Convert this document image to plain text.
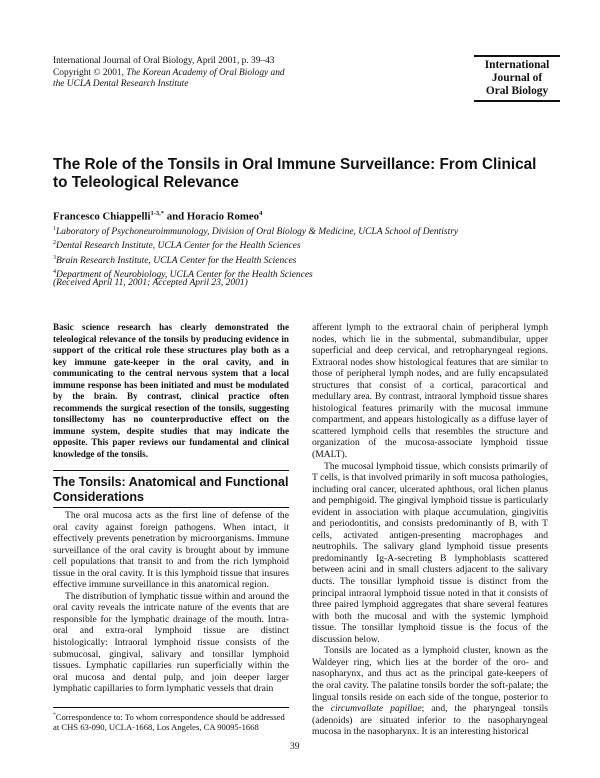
International Journal of Oral Biology, April 2001, p. 39–43
Copyright © 2001, The Korean Academy of Oral Biology and
the UCLA Dental Research Institute
International
Journal of
Oral Biology
The Role of the Tonsils in Oral Immune Surveillance: From Clinical to Teleological Relevance
Francesco Chiappelli$^{1-3,*}$ and Horacio Romeo$^4$
$^1$Laboratory of Psychoneuroimmunology, Division of Oral Biology & Medicine, UCLA School of Dentistry
$^2$Dental Research Institute, UCLA Center for the Health Sciences
$^3$Brain Research Institute, UCLA Center for the Health Sciences
$^4$Department of Neurobiology, UCLA Center for the Health Sciences
(Received April 11, 2001; Accepted April 23, 2001)
Basic science research has clearly demonstrated the teleological relevance of the tonsils by producing evidence in support of the critical role these structures play both as a key immune gate-keeper in the oral cavity, and in communicating to the central nervous system that a local immune response has been initiated and must be modulated by the brain. By contrast, clinical practice often recommends the surgical resection of the tonsils, suggesting tonsillectomy has no counterproductive effect on the immune system, despite studies that may indicate the opposite. This paper reviews our fundamental and clinical knowledge of the tonsils.
The Tonsils: Anatomical and Functional Considerations

The oral mucosa acts as the first line of defense of the oral cavity against foreign pathogens. When intact, it effectively prevents penetration by microorganisms. Immune surveillance of the oral cavity is brought about by immune cell populations that transit to and from the rich lymphoid tissue in the oral cavity. It is this lymphoid tissue that insures effective immune surveillance in this anatomical region.

The distribution of lymphatic tissue within and around the oral cavity reveals the intricate nature of the events that are responsible for the lymphatic drainage of the mouth. Intra-oral and extra-oral lymphoid tissue are distinct histologically: Intraoral lymphoid tissue consists of the submucosal, gingival, salivary and tonsillar lymphoid tissues. Lymphatic capillaries run superficially within the oral mucosa and dental pulp, and join deeper larger lymphatic capillaries to form lymphatic vessels that drain

afferent lymph to the extraoral chain of peripheral lymph nodes, which lie in the submental, submandibular, upper superficial and deep cervical, and retropharyngeal regions. Extraoral nodes show histological features that are similar to those of peripheral lymph nodes, and are fully encapsulated structures that consist of a cortical, paracortical and medullary area. By contrast, intraoral lymphoid tissue shares histological features primarily with the mucosal immune compartment, and appears histologically as a diffuse layer of scattered lymphoid cells that resembles the structure and organization of the mucosa-associate lymphoid tissue (MALT).

The mucosal lymphoid tissue, which consists primarily of T cells, is that involved primarily in soft mucosa pathologies, including oral cancer, ulcerated aphthous, oral lichen planus and pemphigoid. The gingival lymphoid tissue is particularly evident in association with plaque accumulation, gingivitis and periodontitis, and consists predominantly of B, with T cells, activated antigen-presenting macrophages and neutrophils. The salivary gland lymphoid tissue presents predominantly Ig-A-secreting B lymphoblasts scattered between acini and in small clusters adjacent to the salivary ducts. The tonsillar lymphoid tissue is distinct from the principal intraoral lymphoid tissue noted in that it consists of three paired lymphoid aggregates that share several features with both the mucosal and with the systemic lymphoid tissue. The tonsillar lymphoid tissue is the focus of the discussion below.

Tonsils are located as a lymphoid cluster, known as the Waldeyer ring, which lies at the border of the oro- and nasopharynx, and thus act as the principal gate-keepers of the oral cavity. The palatine tonsils border the soft-palate; the lingual tonsils reside on each side of the tongue, posterior to the circumvallate papillae; and, the pharyngeal tonsils (adenoids) are situated inferior to the nasopharyngeal mucosa in the nasopharynx. It is an interesting historical

*Correspondence to: To whom correspondence should be addressed at CHS 63-090, UCLA-1668, Los Angeles, CA 90095-1668
39
